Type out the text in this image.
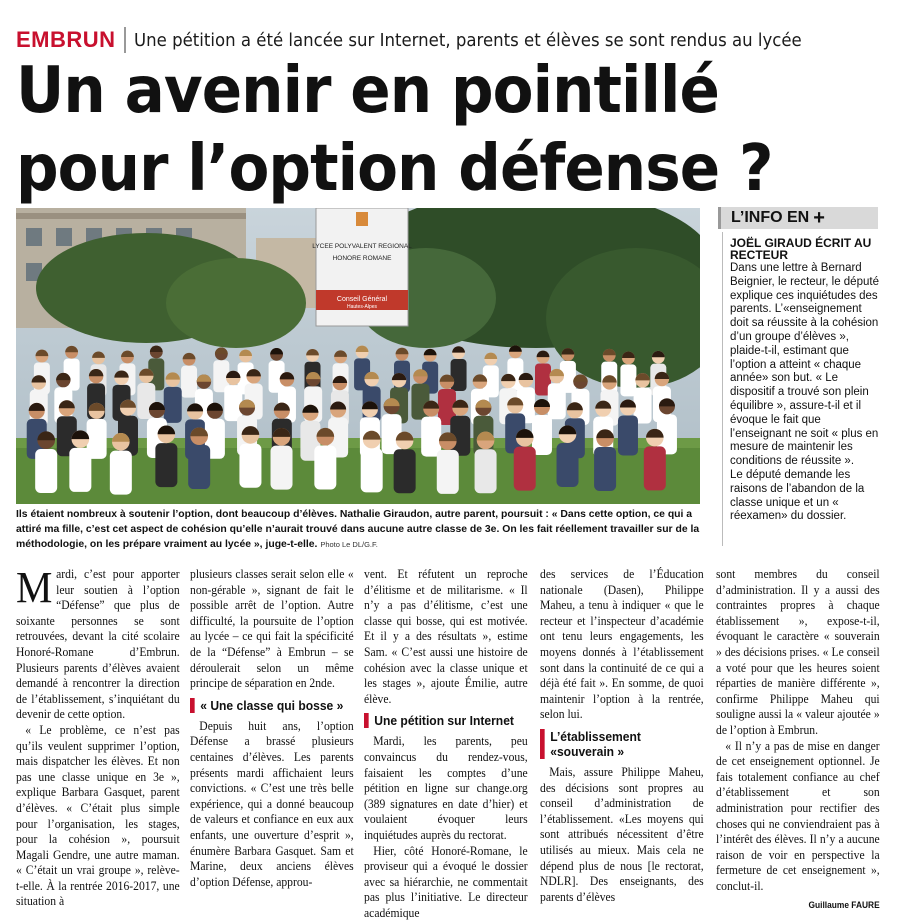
EMBRUN Une pétition a été lancée sur Internet, parents et élèves se sont rendus au lycée
Un avenir en pointillé
pour l’option défense ?
LYCEE POLYVALENT REGIONAL
HONORE ROMANE
Conseil Général
Hautes-Alpes
Ils étaient nombreux à soutenir l’option, dont beaucoup d’élèves. Nathalie Giraudon, autre parent, poursuit : « Dans cette option, ce qui a attiré ma fille, c’est cet aspect de cohésion qu’elle n’aurait trouvé dans aucune autre classe de 3e. On les fait réellement travailler sur de la méthodologie, on les prépare vraiment au lycée », juge-t-elle. Photo Le DL/G.F.
L’INFO EN +
JOËL GIRAUD ÉCRIT AU RECTEUR

Dans une lettre à Bernard Beignier, le recteur, le député explique ces inquiétudes des parents. L’«enseignement doit sa réussite à la cohésion d’un groupe d’élèves », plaide-t-il, estimant que l’option a atteint « chaque année» son but. « Le dispositif a trouvé son plein équilibre », assure-t-il et il évoque le fait que l’enseignant ne soit « plus en mesure de maintenir les conditions de réussite ».

Le député demande les raisons de l’abandon de la classe unique et un « réexamen» du dossier.

Mardi, c’est pour apporter leur soutien à l’option “Défense” que plus de soixante personnes se sont retrouvées, devant la cité scolaire Honoré-Romane d’Embrun. Plusieurs parents d’élèves avaient demandé à rencontrer la direction de l’établissement, s’inquiétant du devenir de cette option.

« Le problème, ce n’est pas qu’ils veulent supprimer l’option, mais dispatcher les élèves. Et non pas une classe unique en 3e », explique Barbara Gasquet, parent d’élèves. « C’était plus simple pour l’organisation, les stages, pour la cohésion », poursuit Magali Gendre, une autre maman. « C’était un vrai groupe », relève-t-elle. À la rentrée 2016-2017, une situation à

plusieurs classes serait selon elle « non-gérable », signant de fait le possible arrêt de l’option. Autre difficulté, la poursuite de l’option au lycée – ce qui fait la spécificité de la “Défense” à Embrun – se déroulerait selon un même principe de séparation en 2nde.

« Une classe qui bosse »

Depuis huit ans, l’option Défense a brassé plusieurs centaines d’élèves. Les parents présents mardi affichaient leurs convictions. « C’est une très belle expérience, qui a donné beaucoup de valeurs et confiance en eux aux enfants, une ouverture d’esprit », énumère Barbara Gasquet. Sam et Marine, deux anciens élèves d’option Défense, approu-

vent. Et réfutent un reproche d’élitisme et de militarisme. « Il n’y a pas d’élitisme, c’est une classe qui bosse, qui est motivée. Et il y a des résultats », estime Sam. « C’est aussi une histoire de cohésion avec la classe unique et les stages », ajoute Émilie, autre élève.

Une pétition sur Internet

Mardi, les parents, peu convaincus du rendez-vous, faisaient les comptes d’une pétition en ligne sur change.org (389 signatures en date d’hier) et voulaient évoquer leurs inquiétudes auprès du rectorat.

Hier, côté Honoré-Romane, le proviseur qui a évoqué le dossier avec sa hiérarchie, ne commentait pas plus l’initiative. Le directeur académique

des services de l’Éducation nationale (Dasen), Philippe Maheu, a tenu à indiquer « que le recteur et l’inspecteur d’académie ont tenu leurs engagements, les moyens donnés à l’établissement sont dans la continuité de ce qui a déjà été fait ». En somme, de quoi maintenir l’option à la rentrée, selon lui.

L’établissement «souverain »

Mais, assure Philippe Maheu, des décisions sont propres au conseil d’administration de l’établissement. «Les moyens qui sont attribués nécessitent d’être utilisés au mieux. Mais cela ne dépend plus de nous [le rectorat, NDLR]. Des enseignants, des parents d’élèves

sont membres du conseil d’administration. Il y a aussi des contraintes propres à chaque établissement », expose-t-il, évoquant le caractère « souverain » des décisions prises. « Le conseil a voté pour que les heures soient réparties de manière différente », confirme Philippe Maheu qui souligne aussi la « valeur ajoutée » de l’option à Embrun.

« Il n’y a pas de mise en danger de cet enseignement optionnel. Je fais totalement confiance au chef d’établissement et son administration pour rectifier des choses qui ne conviendraient pas à l’intérêt des élèves. Il n’y a aucune raison de voir en perspective la fermeture de cet enseignement », conclut-il.

Guillaume FAURE
